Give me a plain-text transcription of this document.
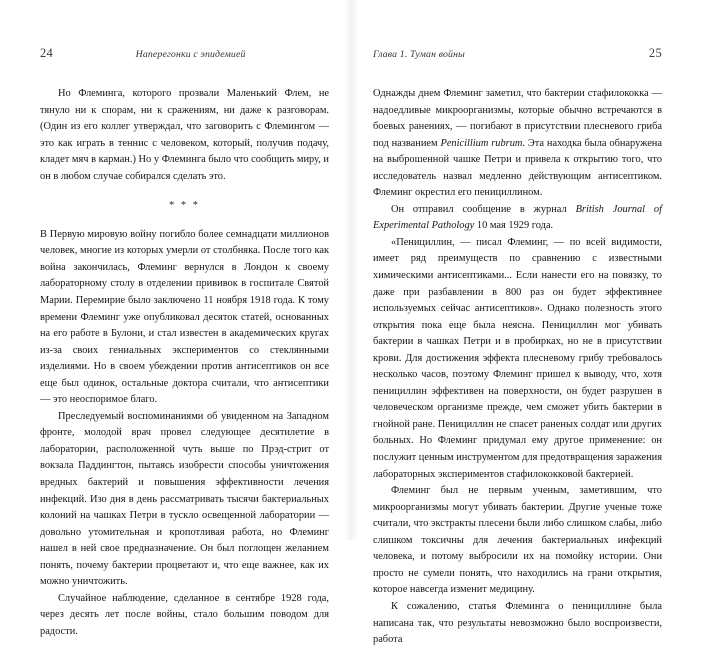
24	Наперегонки с эпидемией

Но Флеминга, которого прозвали Маленький Флем, не тянуло ни к спорам, ни к сражениям, ни даже к разговорам. (Один из его коллег утверждал, что заговорить с Флемингом — это как играть в теннис с человеком, который, получив подачу, кладет мяч в карман.) Но у Флеминга было что сообщить миру, и он в любом случае собирался сделать это.

* * *

В Первую мировую войну погибло более семнадцати миллионов человек, многие из которых умерли от столбняка. После того как война закончилась, Флеминг вернулся в Лондон к своему лабораторному столу в отделении прививок в госпитале Святой Марии. Перемирие было заключено 11 ноября 1918 года. К тому времени Флеминг уже опубликовал десяток статей, основанных на его работе в Булони, и стал известен в академических кругах из-за своих гениальных экспериментов со стеклянными изделиями. Но в своем убеждении против антисептиков он все еще был одинок, остальные доктора считали, что антисептики — это неоспоримое благо.

Преследуемый воспоминаниями об увиденном на Западном фронте, молодой врач провел следующее десятилетие в лаборатории, расположенной чуть выше по Прэд-стрит от вокзала Паддингтон, пытаясь изобрести способы уничтожения вредных бактерий и повышения эффективности лечения инфекций. Изо дня в день рассматривать тысячи бактериальных колоний на чашках Петри в тускло освещенной лаборатории — довольно утомительная и кропотливая работа, но Флеминг нашел в ней свое предназначение. Он был поглощен желанием понять, почему бактерии процветают и, что еще важнее, как их можно уничтожить.

Случайное наблюдение, сделанное в сентябре 1928 года, через десять лет после войны, стало большим поводом для радости.

Глава 1. Туман войны	25

Однажды днем Флеминг заметил, что бактерии стафилококка — надоедливые микроорганизмы, которые обычно встречаются в боевых ранениях, — погибают в присутствии плесневого гриба под названием Penicillium rubrum. Эта находка была обнаружена на выброшенной чашке Петри и привела к открытию того, что исследователь назвал медленно действующим антисептиком. Флеминг окрестил его пенициллином.

Он отправил сообщение в журнал British Journal of Experimental Pathology 10 мая 1929 года.

«Пенициллин, — писал Флеминг, — по всей видимости, имеет ряд преимуществ по сравнению с известными химическими антисептиками... Если нанести его на повязку, то даже при разбавлении в 800 раз он будет эффективнее используемых сейчас антисептиков». Однако полезность этого открытия пока еще была неясна. Пенициллин мог убивать бактерии в чашках Петри и в пробирках, но не в присутствии крови. Для достижения эффекта плесневому грибу требовалось несколько часов, поэтому Флеминг пришел к выводу, что, хотя пенициллин эффективен на поверхности, он будет разрушен в человеческом организме прежде, чем сможет убить бактерии в гнойной ране. Пенициллин не спасет раненых солдат или других больных. Но Флеминг придумал ему другое применение: он послужит ценным инструментом для предотвращения заражения лабораторных экспериментов стафилококковой бактерией.

Флеминг был не первым ученым, заметившим, что микроорганизмы могут убивать бактерии. Другие ученые тоже считали, что экстракты плесени были либо слишком слабы, либо слишком токсичны для лечения бактериальных инфекций человека, и потому выбросили их на помойку истории. Они просто не сумели понять, что находились на грани открытия, которое навсегда изменит медицину.

К сожалению, статья Флеминга о пенициллине была написана так, что результаты невозможно было воспроизвести, работа
